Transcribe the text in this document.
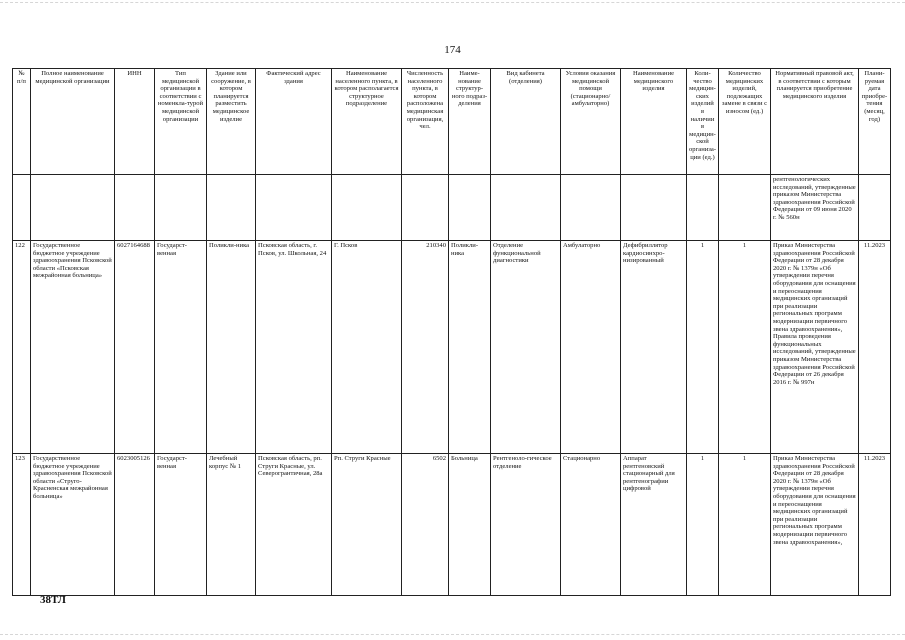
174
№ п/п	Полное наименование медицинской организации	ИНН	Тип медицинской организации в соответствии с номенкла-турой медицинской организации	Здание или сооружение, в котором планируется разместить медицинское изделие	Фактический адрес здания	Наименование населенного пункта, в котором располагается структурное подразделение	Численность населенного пункта, в котором расположена медицинская организация, чел.	Наиме-нование структур-ного подраз-деления	Вид кабинета (отделения)	Условия оказания медицинской помощи (стационарно/ амбулаторно)	Наименование медицинского изделия	Коли-чество медицин-ских изделий в наличии в медицин-ской организа-ции (ед.)	Количество медицинских изделий, подлежащих замене в связи с износом (ед.)	Нормативный правовой акт, в соответствии с которым планируется приобретение медицинского изделия	Плани-руемая дата приобре-тения (месяц, год)
														рентгенологических исследований, утвержденные приказом Министерства здравоохранения Российской Федерации от 09 июня 2020 г. № 560н	
122	Государственное бюджетное учреждение здравоохранения Псковской области «Псковская межрайонная больница»	6027164688	Государст-венная	Поликли-ника	Псковская область, г. Псков, ул. Школьная, 24	Г. Псков	210340	Поликли-ника	Отделение функциональной диагностики	Амбулаторно	Дефибриллятор кардиосинхро-низированный	1	1	Приказ Министерства здравоохранения Российской Федерации от 28 декабря 2020 г. № 1379н «Об утверждении перечня оборудования для оснащения и переоснащения медицинских организаций при реализации региональных программ модернизации первичного звена здравоохранения», Правила проведения функциональных исследований, утвержденные приказом Министерства здравоохранения Российской Федерации от 26 декабря 2016 г. № 997н	11.2023
123	Государственное бюджетное учреждение здравоохранения Псковской области «Струго-Красненская межрайонная больница»	6023005126	Государст-венная	Лечебный корпус № 1	Псковская область, рп. Струги Красные, ул. Северогрантичная, 28а	Рп. Струги Красные	6502	Больница	Рентгеноло-гическое отделение	Стационарно	Аппарат рентгеновский стационарный для рентгенографии цифровой	1	1	Приказ Министерства здравоохранения Российской Федерации от 28 декабря 2020 г. № 1379н «Об утверждении перечня оборудования для оснащения и переоснащения медицинских организаций при реализации региональных программ модернизации первичного звена здравоохранения»,	11.2023
38ТЛ
